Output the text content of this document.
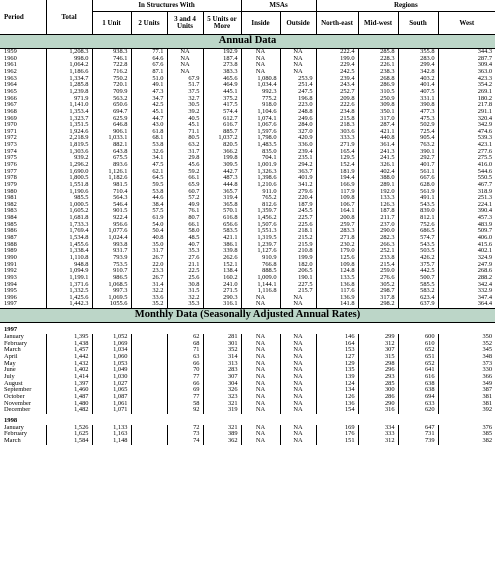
Period	Total	In Structures With				MSAs		Regions			
		1 Unit	2 Units	3 and 4 Units	5 Units or More	Inside	Outside	North-east	Mid-west	South	West
Annual Data											
1959	1,208.3	938.3	77.1	NA	192.9	NA	NA	222.4	285.8	355.8	344.3
1960	998.0	746.1	64.6	NA	187.4	NA	NA	199.0	228.3	283.0	287.7
1961	1,064.2	722.8	67.6	NA	273.8	NA	NA	229.4	226.1	299.4	309.4
1962	1,186.6	716.2	87.1	NA	383.3	NA	NA	242.5	238.3	342.8	363.0
1963	1,334.7	750.2	51.0	67.9	465.6	1,080.8	253.9	239.4	268.8	403.2	423.3
1964	1,285.8	720.1	49.1	51.7	464.9	1,034.4	251.4	243.4	286.9	401.4	354.2
1965	1,239.8	709.9	47.3	37.5	445.1	992.3	247.5	252.7	310.5	407.5	269.1
1966	971.9	563.2	34.7	32.7	375.2	775.2	196.8	209.8	250.9	331.1	180.2
1967	1,141.0	650.6	42.5	30.5	417.5	918.0	223.0	222.6	309.8	390.8	217.8
1968	1,353.4	694.7	45.1	39.2	574.4	1,104.6	248.8	234.8	350.1	477.3	291.1
1969	1,323.7	625.9	44.7	40.5	612.7	1,074.1	249.6	215.8	317.0	475.3	320.4
1970	1,351.5	646.8	43.0	45.1	616.7	1,067.6	284.0	218.3	287.4	502.9	342.9
1971	1,924.6	906.1	61.8	71.1	885.7	1,597.6	327.0	303.6	421.1	725.4	474.6
1972	2,218.9	1,033.1	68.1	80.5	1,037.2	1,798.0	420.9	333.3	440.8	905.4	539.3
1973	1,819.5	882.1	53.8	63.2	820.5	1,483.5	336.0	271.9	361.4	763.2	423.1
1974	1,303.6	643.8	32.6	31.7	366.2	835.0	239.4	165.4	241.3	390.1	277.6
1975	939.2	675.5	34.1	29.8	199.8	704.1	235.1	129.5	241.5	292.7	275.5
1976	1,296.2	893.6	47.5	45.6	309.5	1,001.9	294.2	152.4	326.1	401.7	416.0
1977	1,690.0	1,126.1	62.1	59.2	442.7	1,326.3	363.7	181.9	402.4	561.1	544.6
1978	1,800.5	1,182.6	64.5	66.1	487.3	1,398.6	401.9	194.4	388.0	667.6	550.5
1979	1,551.8	981.5	59.5	65.9	444.8	1,210.6	341.2	166.9	289.1	628.0	467.7
1980	1,190.6	710.4	53.8	60.7	365.7	911.0	279.6	117.9	192.0	561.9	318.9
1981	985.5	564.3	44.6	57.2	319.4	765.2	220.4	109.8	133.3	491.1	251.3
1982	1,000.5	546.4	38.4	49.9	365.8	812.6	187.9	106.7	126.3	543.5	224.1
1983	1,605.2	901.5	57.5	76.1	570.1	1,359.7	245.5	164.1	187.8	839.0	390.4
1984	1,681.8	922.4	61.9	80.7	616.8	1,456.2	225.7	200.8	211.7	812.1	457.3
1985	1,733.3	956.6	54.0	66.1	656.6	1,507.6	225.6	259.7	237.0	752.6	483.9
1986	1,769.4	1,077.6	50.4	58.0	583.5	1,551.3	218.1	283.3	290.0	686.5	509.7
1987	1,534.8	1,024.4	40.8	48.5	421.1	1,319.5	215.2	271.8	282.3	574.7	406.0
1988	1,455.6	993.8	35.0	40.7	386.1	1,239.7	215.9	230.2	266.3	543.5	415.6
1989	1,338.4	931.7	31.7	35.3	339.8	1,127.6	210.8	179.0	252.1	503.5	402.1
1990	1,110.8	793.9	26.7	27.6	262.6	910.9	199.9	125.6	233.8	426.2	324.9
1991	948.8	753.5	22.0	21.1	152.1	766.8	182.0	109.8	215.4	375.7	247.9
1992	1,094.9	910.7	23.3	22.5	138.4	888.5	206.5	124.8	259.0	442.5	268.6
1993	1,199.1	986.5	26.7	25.6	160.2	1,009.0	190.1	133.5	276.6	500.7	288.2
1994	1,371.6	1,068.5	31.4	30.8	241.0	1,144.1	227.5	136.8	305.2	585.5	342.4
1995	1,332.5	997.3	32.2	31.5	271.5	1,116.8	215.7	117.6	298.7	583.2	332.9
1996	1,425.6	1,069.5	33.6	32.2	290.3	NA	NA	136.9	317.8	623.4	347.4
1997	1,442.3	1055.6	35.2	35.3	316.1	NA	NA	141.8	298.2	637.9	364.4
Monthly Data (Seasonally Adjusted Annual Rates)											

1997											
January	1,395	1,052		62	281	NA	NA	146	299	600	350
February	1,438	1,069		68	301	NA	NA	164	312	610	352
March	1,457	1,034		71	352	NA	NA	153	307	652	345
April	1,442	1,060		63	314	NA	NA	127	315	651	348
May	1,432	1,053		66	313	NA	NA	129	298	652	373
June	1,402	1,049		70	283	NA	NA	135	296	641	330
July	1,414	1,030		77	307	NA	NA	139	293	616	366
August	1,397	1,027		66	304	NA	NA	124	285	638	349
September	1,460	1,065		69	326	NA	NA	134	300	638	387
October	1,487	1,087		77	323	NA	NA	126	286	694	381
November	1,480	1,061		58	321	NA	NA	136	290	633	381
December	1,482	1,071		92	319	NA	NA	154	316	620	392

1998											
January	1,526	1,133		72	321	NA	NA	169	334	647	376
February	1,625	1,163		73	389	NA	NA	176	333	731	385
March	1,584	1,148		74	362	NA	NA	151	312	739	382
